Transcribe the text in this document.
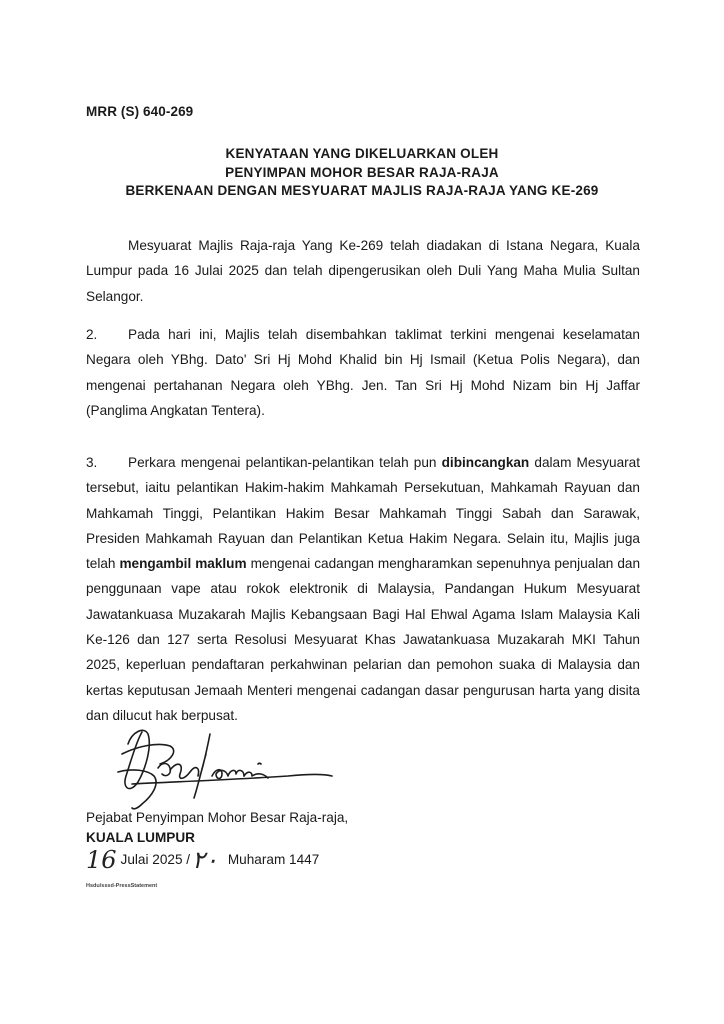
MRR (S) 640-269
KENYATAAN YANG DIKELUARKAN OLEH
PENYIMPAN MOHOR BESAR RAJA-RAJA
BERKENAAN DENGAN MESYUARAT MAJLIS RAJA-RAJA YANG KE-269
Mesyuarat Majlis Raja-raja Yang Ke-269 telah diadakan di Istana Negara, Kuala Lumpur pada 16 Julai 2025 dan telah dipengerusikan oleh Duli Yang Maha Mulia Sultan Selangor.
2. Pada hari ini, Majlis telah disembahkan taklimat terkini mengenai keselamatan Negara oleh YBhg. Dato' Sri Hj Mohd Khalid bin Hj Ismail (Ketua Polis Negara), dan mengenai pertahanan Negara oleh YBhg. Jen. Tan Sri Hj Mohd Nizam bin Hj Jaffar (Panglima Angkatan Tentera).
3. Perkara mengenai pelantikan-pelantikan telah pun dibincangkan dalam Mesyuarat tersebut, iaitu pelantikan Hakim-hakim Mahkamah Persekutuan, Mahkamah Rayuan dan Mahkamah Tinggi, Pelantikan Hakim Besar Mahkamah Tinggi Sabah dan Sarawak, Presiden Mahkamah Rayuan dan Pelantikan Ketua Hakim Negara. Selain itu, Majlis juga telah mengambil maklum mengenai cadangan mengharamkan sepenuhnya penjualan dan penggunaan vape atau rokok elektronik di Malaysia, Pandangan Hukum Mesyuarat Jawatankuasa Muzakarah Majlis Kebangsaan Bagi Hal Ehwal Agama Islam Malaysia Kali Ke-126 dan 127 serta Resolusi Mesyuarat Khas Jawatankuasa Muzakarah MKI Tahun 2025, keperluan pendaftaran perkahwinan pelarian dan pemohon suaka di Malaysia dan kertas keputusan Jemaah Menteri mengenai cadangan dasar pengurusan harta yang disita dan dilucut hak berpusat.
Pejabat Penyimpan Mohor Besar Raja-raja,
KUALA LUMPUR
16 Julai 2025 /٢٠ Muharam 1447
Hsdu/sssd-PressStatement
